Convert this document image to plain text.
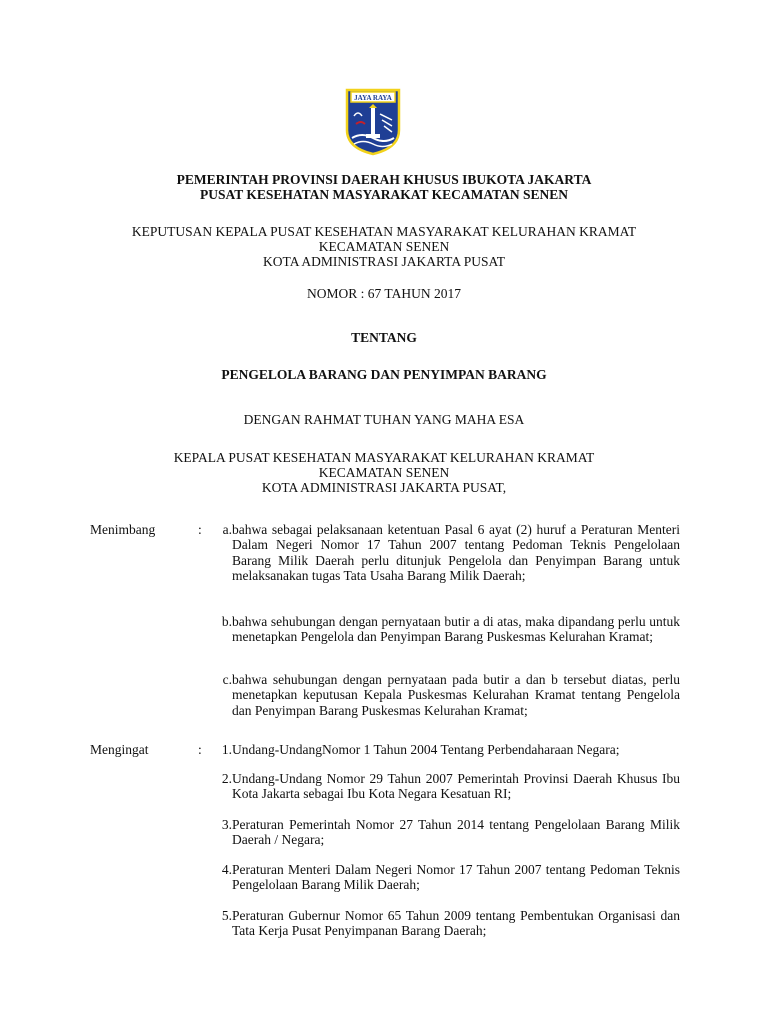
JAYA RAYA
PEMERINTAH PROVINSI DAERAH KHUSUS IBUKOTA JAKARTA
PUSAT KESEHATAN MASYARAKAT KECAMATAN SENEN
KEPUTUSAN KEPALA PUSAT KESEHATAN MASYARAKAT KELURAHAN KRAMAT
KECAMATAN SENEN
KOTA ADMINISTRASI JAKARTA PUSAT
NOMOR : 67 TAHUN 2017
TENTANG
PENGELOLA BARANG DAN PENYIMPAN BARANG
DENGAN RAHMAT TUHAN YANG MAHA ESA
KEPALA PUSAT KESEHATAN MASYARAKAT KELURAHAN KRAMAT
KECAMATAN SENEN
KOTA ADMINISTRASI JAKARTA PUSAT,
Menimbang	:	a. bahwa sebagai pelaksanaan ketentuan Pasal 6 ayat (2) huruf a Peraturan Menteri Dalam Negeri Nomor 17 Tahun 2007 tentang Pedoman Teknis Pengelolaan Barang Milik Daerah perlu ditunjuk Pengelola dan Penyimpan Barang untuk melaksanakan tugas Tata Usaha Barang Milik Daerah;
b. bahwa sehubungan dengan pernyataan butir a di atas, maka dipandang perlu untuk menetapkan Pengelola dan Penyimpan Barang Puskesmas Kelurahan Kramat;
c. bahwa sehubungan dengan pernyataan pada butir a dan b tersebut diatas, perlu menetapkan keputusan Kepala Puskesmas Kelurahan Kramat tentang Pengelola dan Penyimpan Barang Puskesmas Kelurahan Kramat;
Mengingat	:	1. Undang-UndangNomor 1 Tahun 2004 Tentang Perbendaharaan Negara;
2. Undang-Undang Nomor 29 Tahun 2007 Pemerintah Provinsi Daerah Khusus Ibu Kota Jakarta sebagai Ibu Kota Negara Kesatuan RI;
3. Peraturan Pemerintah Nomor 27 Tahun 2014 tentang Pengelolaan Barang Milik Daerah / Negara;
4. Peraturan Menteri Dalam Negeri Nomor 17 Tahun 2007 tentang Pedoman Teknis Pengelolaan Barang Milik Daerah;
5. Peraturan Gubernur Nomor 65 Tahun 2009 tentang Pembentukan Organisasi dan Tata Kerja Pusat Penyimpanan Barang Daerah;
